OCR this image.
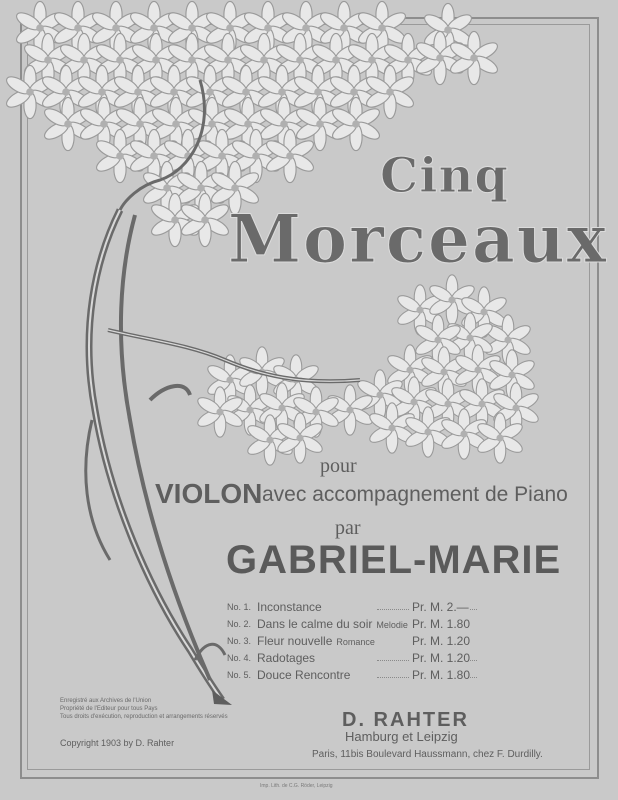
Cinq
Morceaux
pour
VIOLON avec accompagnement de Piano
par
GABRIEL-MARIE
No. 1. Inconstance	Pr. M. 2.—
No. 2. Dans le calme du soir Melodie Pr. M. 1.80
No. 3. Fleur nouvelle Romance	Pr. M. 1.20
No. 4. Radotages	Pr. M. 1.20
No. 5. Douce Rencontre	Pr. M. 1.80
Enregistré aux Archives de l'Union
Propriété de l'Editeur pour tous Pays
Tous droits d'exécution, reproduction et arrangements réservés
Copyright 1903 by D. Rahter
D. RAHTER
Hamburg et Leipzig
Paris, 11bis Boulevard Haussmann, chez F. Durdilly.
Imp. Lith. de C.G. Röder, Leipzig
